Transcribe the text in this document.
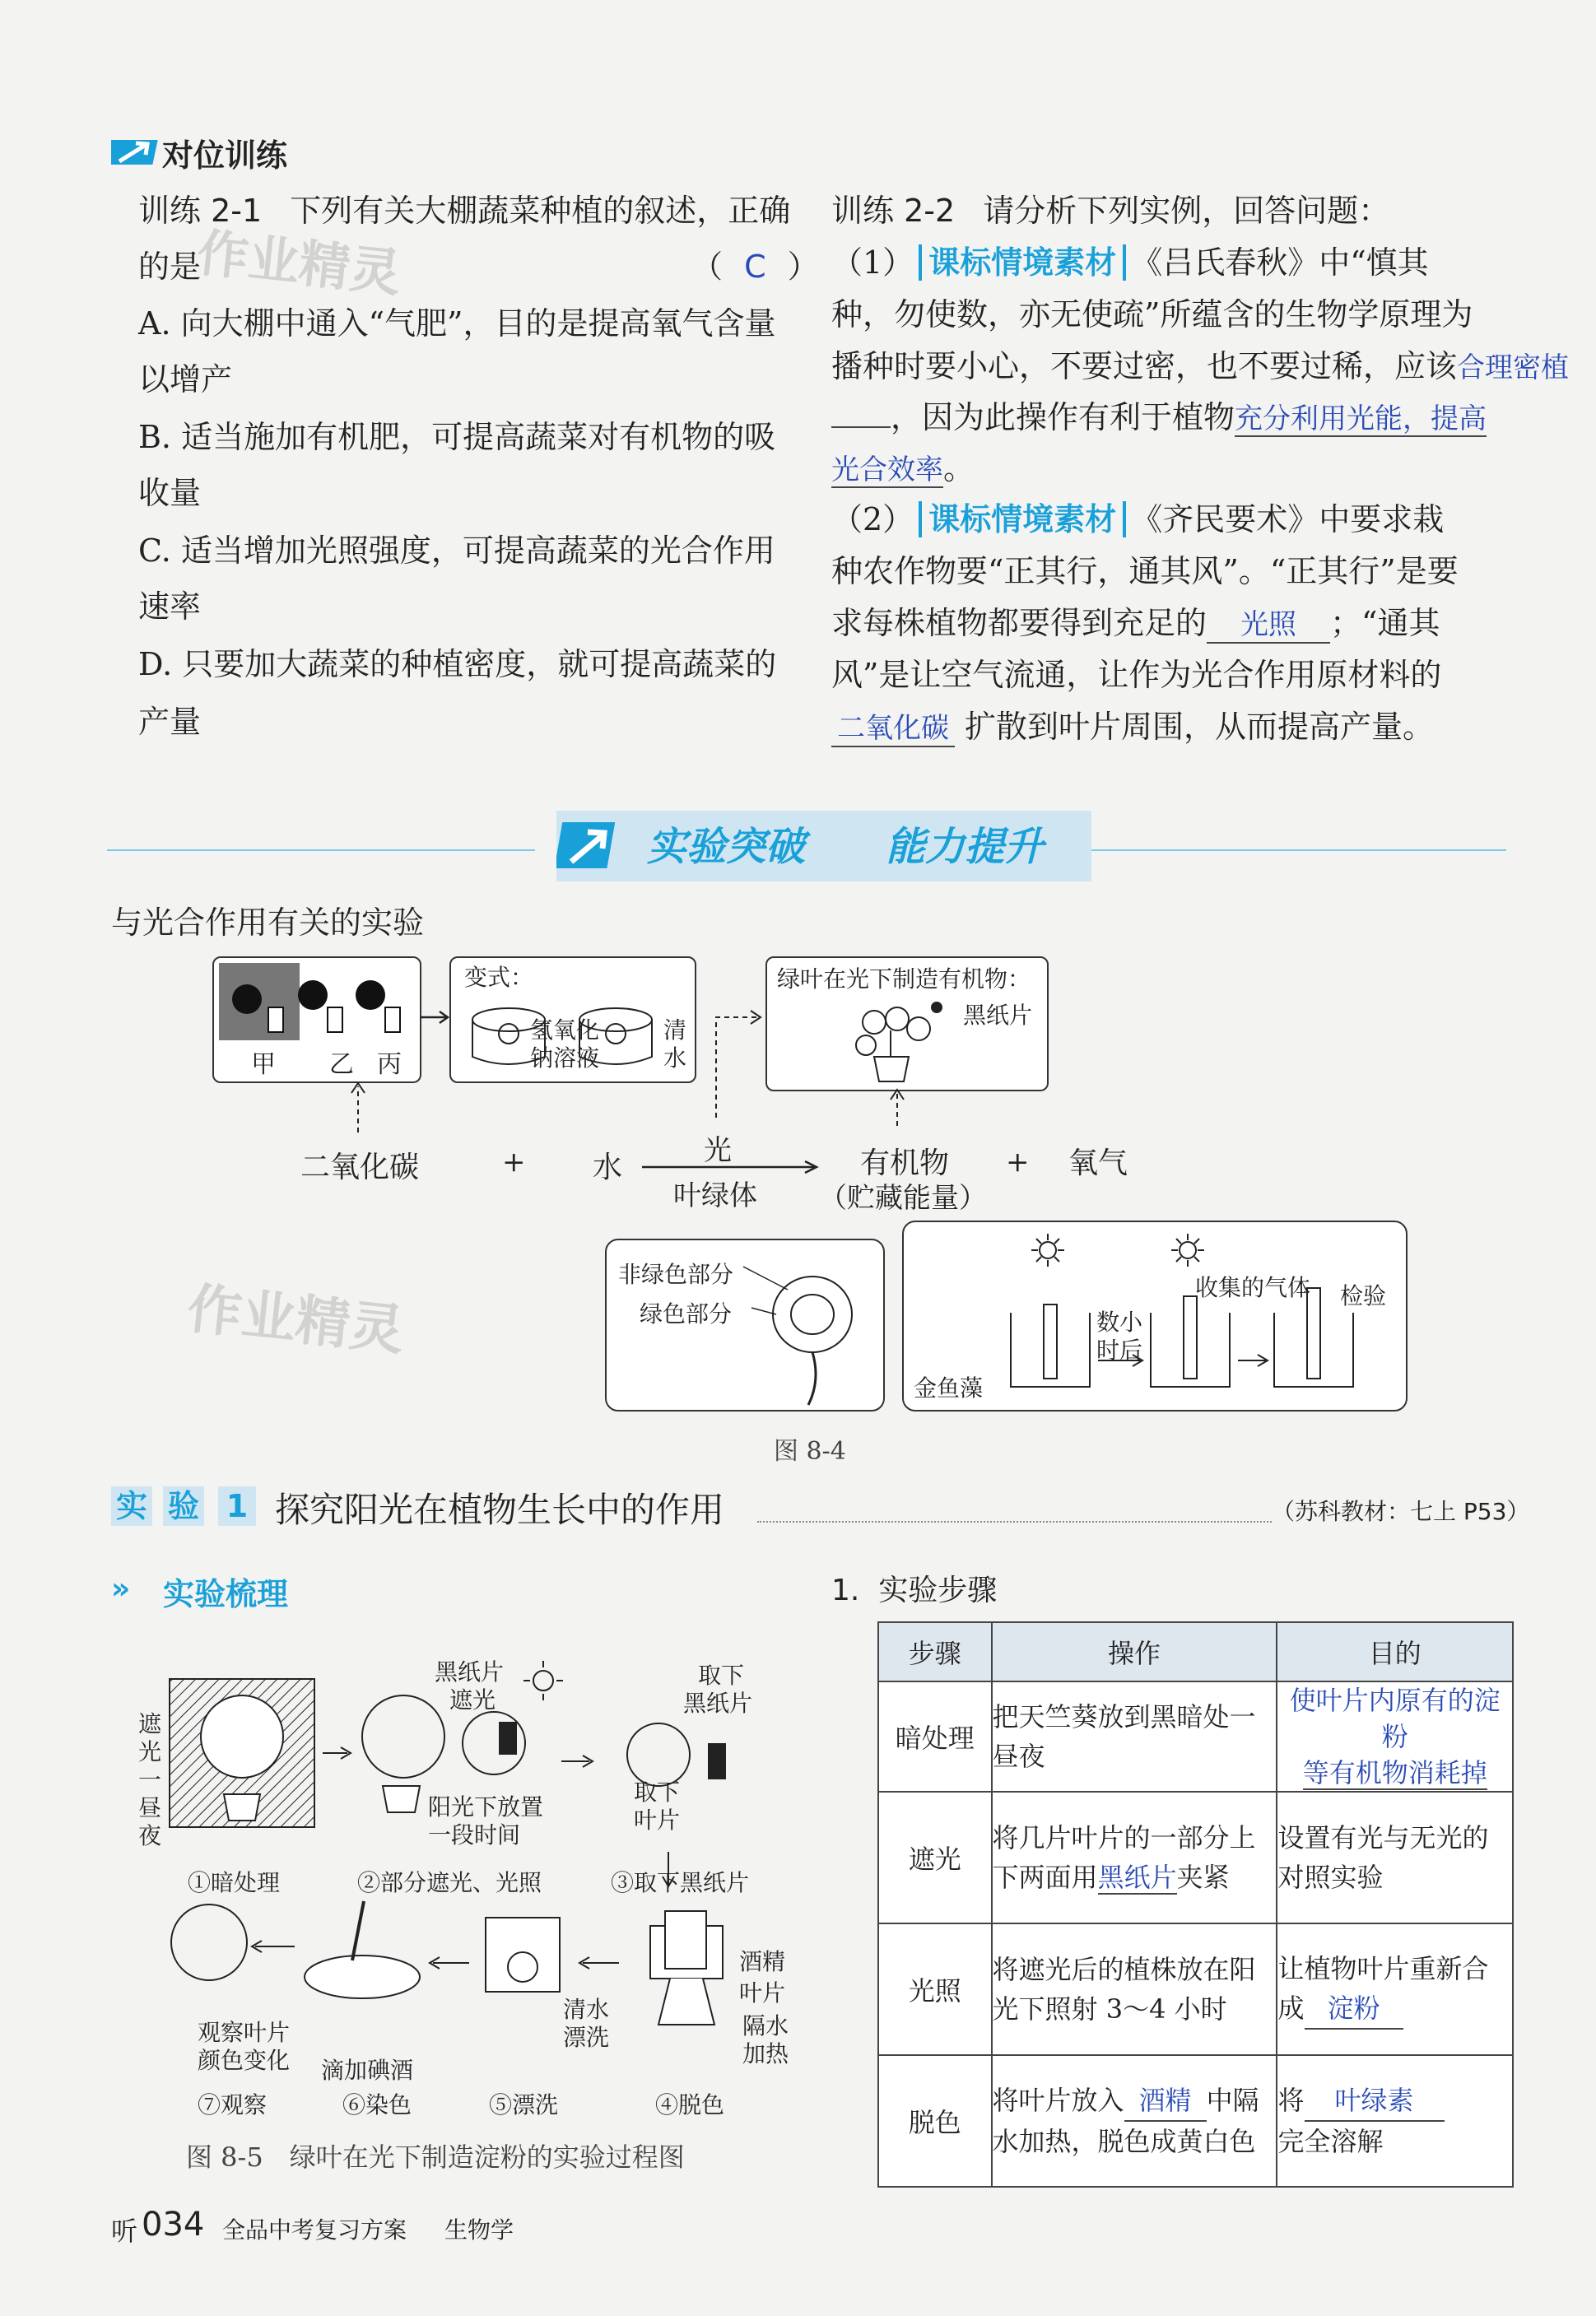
对位训练
训练 2-1 下列有关大棚蔬菜种植的叙述，正确
的是	（ C ）
A. 向大棚中通入“气肥”，目的是提高氧气含量
以增产
B. 适当施加有机肥，可提高蔬菜对有机物的吸
收量
C. 适当增加光照强度，可提高蔬菜的光合作用
速率
D. 只要加大蔬菜的种植密度，就可提高蔬菜的
产量
训练 2-2 请分析下列实例，回答问题：
（1） 课标情境素材 《吕氏春秋》中“慎其
种，勿使数，亦无使疏”所蕴含的生物学原理为
播种时要小心，不要过密，也不要过稀，应该合理密植
，因为此操作有利于植物充分利用光能，提高
光合效率。
（2） 课标情境素材 《齐民要术》中要求栽
种农作物要“正其行，通其风”。“正其行”是要
求每株植物都要得到充足的 光照 ；“通其
风”是让空气流通，让作为光合作用原材料的
二氧化碳 扩散到叶片周围，从而提高产量。
作业精灵
实验突破 能力提升
与光合作用有关的实验
甲 乙 丙
变式：
氢氧化
钠溶液
清
水
绿叶在光下制造有机物：
黑纸片
二氧化碳	+ 水	光
叶绿体
有机物
（贮藏能量）
+ 氧气
非绿色部分
绿色部分
收集的气体 检验
数小
时后
金鱼藻
图 8-4
作业精灵
实 验 1 探究阳光在植物生长中的作用	（苏科教材：七上 P53）
» 实验梳理
遮
光
一
昼
夜
黑纸片
遮光
阳光下放置
一段时间
取下
黑纸片
取下
叶片
①暗处理	②部分遮光、光照	③取下黑纸片
酒精
叶片
隔水
加热
清水
漂洗
观察叶片
颜色变化 滴加碘酒
⑦观察	⑥染色	⑤漂洗	④脱色
图 8-5　绿叶在光下制造淀粉的实验过程图
1.  实验步骤
步骤	操作	目的
暗处理	把天竺葵放到黑暗处一昼夜	使叶片内原有的淀粉
等有机物消耗掉
遮光	将几片叶片的一部分上下两面用黑纸片夹紧	设置有光与无光的对照实验
光照	将遮光后的植株放在阳光下照射 3～4 小时	让植物叶片重新合成 淀粉
脱色	将叶片放入 酒精 中隔水加热，脱色成黄白色	将 叶绿素
完全溶解
听 034 全品中考复习方案 生物学
